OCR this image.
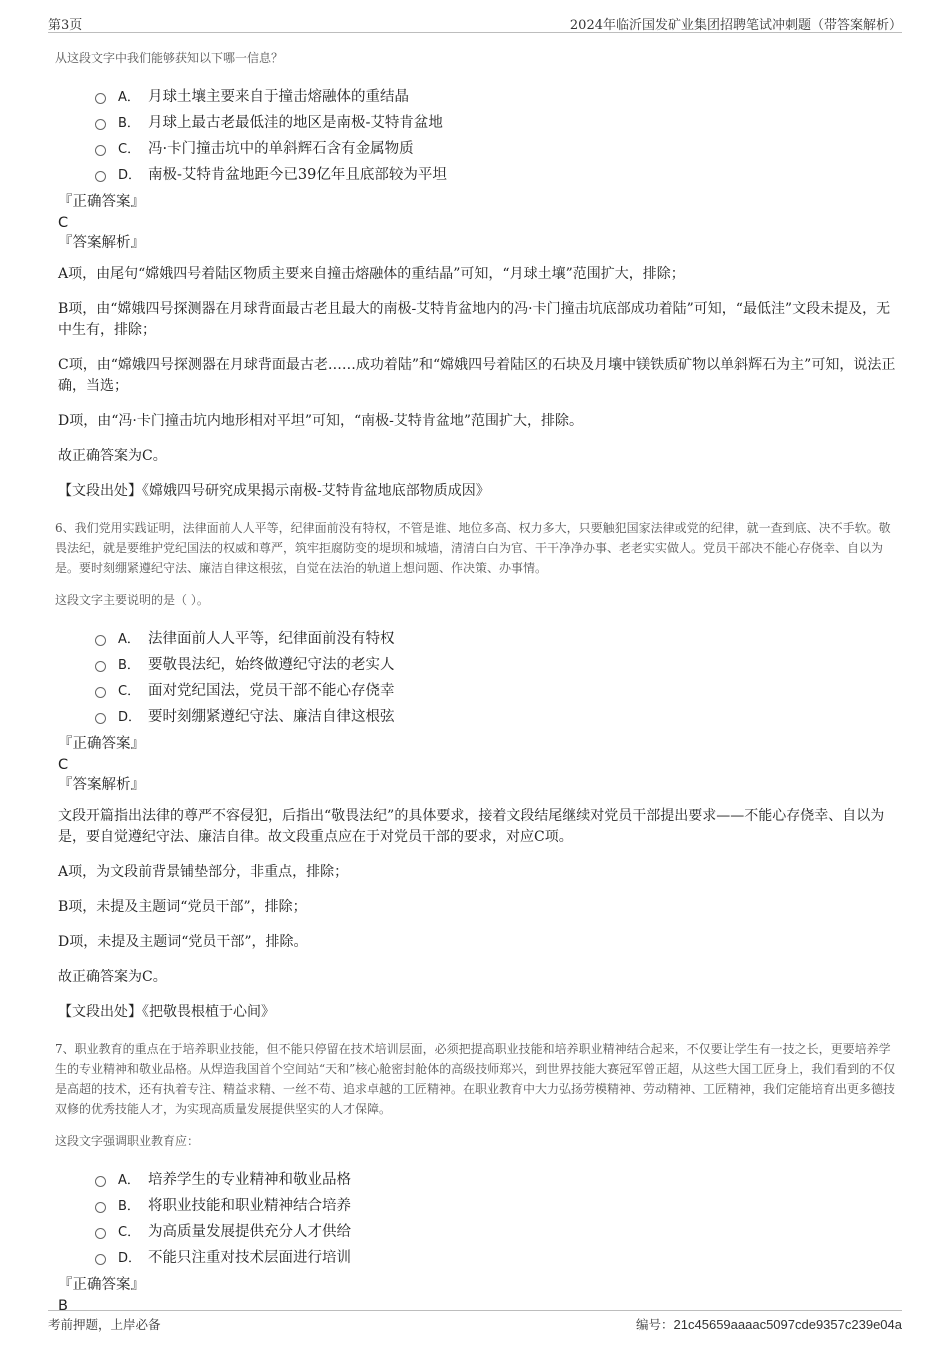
第3页	2024年临沂国发矿业集团招聘笔试冲刺题（带答案解析）
从这段文字中我们能够获知以下哪一信息？
A． 月球土壤主要来自于撞击熔融体的重结晶
B． 月球上最古老最低洼的地区是南极-艾特肯盆地
C． 冯·卡门撞击坑中的单斜辉石含有金属物质
D． 南极-艾特肯盆地距今已39亿年且底部较为平坦
『正确答案』
C
『答案解析』
A项，由尾句“嫦娥四号着陆区物质主要来自撞击熔融体的重结晶”可知，“月球土壤”范围扩大，排除；
B项，由“嫦娥四号探测器在月球背面最古老且最大的南极-艾特肯盆地内的冯·卡门撞击坑底部成功着陆”可知，“最低洼”文段未提及，无中生有，排除；
C项，由“嫦娥四号探测器在月球背面最古老……成功着陆”和“嫦娥四号着陆区的石块及月壤中镁铁质矿物以单斜辉石为主”可知，说法正确，当选；
D项，由“冯·卡门撞击坑内地形相对平坦”可知，“南极-艾特肯盆地”范围扩大，排除。
故正确答案为C。
【文段出处】《嫦娥四号研究成果揭示南极-艾特肯盆地底部物质成因》
6、我们党用实践证明，法律面前人人平等，纪律面前没有特权，不管是谁、地位多高、权力多大，只要触犯国家法律或党的纪律，就一查到底、决不手软。敬畏法纪，就是要维护党纪国法的权威和尊严，筑牢拒腐防变的堤坝和城墙，清清白白为官、干干净净办事、老老实实做人。党员干部决不能心存侥幸、自以为是。要时刻绷紧遵纪守法、廉洁自律这根弦，自觉在法治的轨道上想问题、作决策、办事情。
这段文字主要说明的是（ ）。
A． 法律面前人人平等，纪律面前没有特权
B． 要敬畏法纪，始终做遵纪守法的老实人
C． 面对党纪国法，党员干部不能心存侥幸
D． 要时刻绷紧遵纪守法、廉洁自律这根弦
『正确答案』
C
『答案解析』
文段开篇指出法律的尊严不容侵犯，后指出“敬畏法纪”的具体要求，接着文段结尾继续对党员干部提出要求——不能心存侥幸、自以为是，要自觉遵纪守法、廉洁自律。故文段重点应在于对党员干部的要求，对应C项。
A项，为文段前背景铺垫部分，非重点，排除；
B项，未提及主题词“党员干部”，排除；
D项，未提及主题词“党员干部”，排除。
故正确答案为C。
【文段出处】《把敬畏根植于心间》
7、职业教育的重点在于培养职业技能，但不能只停留在技术培训层面，必须把提高职业技能和培养职业精神结合起来，不仅要让学生有一技之长，更要培养学生的专业精神和敬业品格。从焊造我国首个空间站“天和”核心舱密封舱体的高级技师郑兴，到世界技能大赛冠军曾正超，从这些大国工匠身上，我们看到的不仅是高超的技术，还有执着专注、精益求精、一丝不苟、追求卓越的工匠精神。在职业教育中大力弘扬劳模精神、劳动精神、工匠精神，我们定能培育出更多德技双修的优秀技能人才，为实现高质量发展提供坚实的人才保障。
这段文字强调职业教育应：
A． 培养学生的专业精神和敬业品格
B． 将职业技能和职业精神结合培养
C． 为高质量发展提供充分人才供给
D． 不能只注重对技术层面进行培训
『正确答案』
B
考前押题，上岸必备	编号：21c45659aaaac5097cde9357c239e04a
